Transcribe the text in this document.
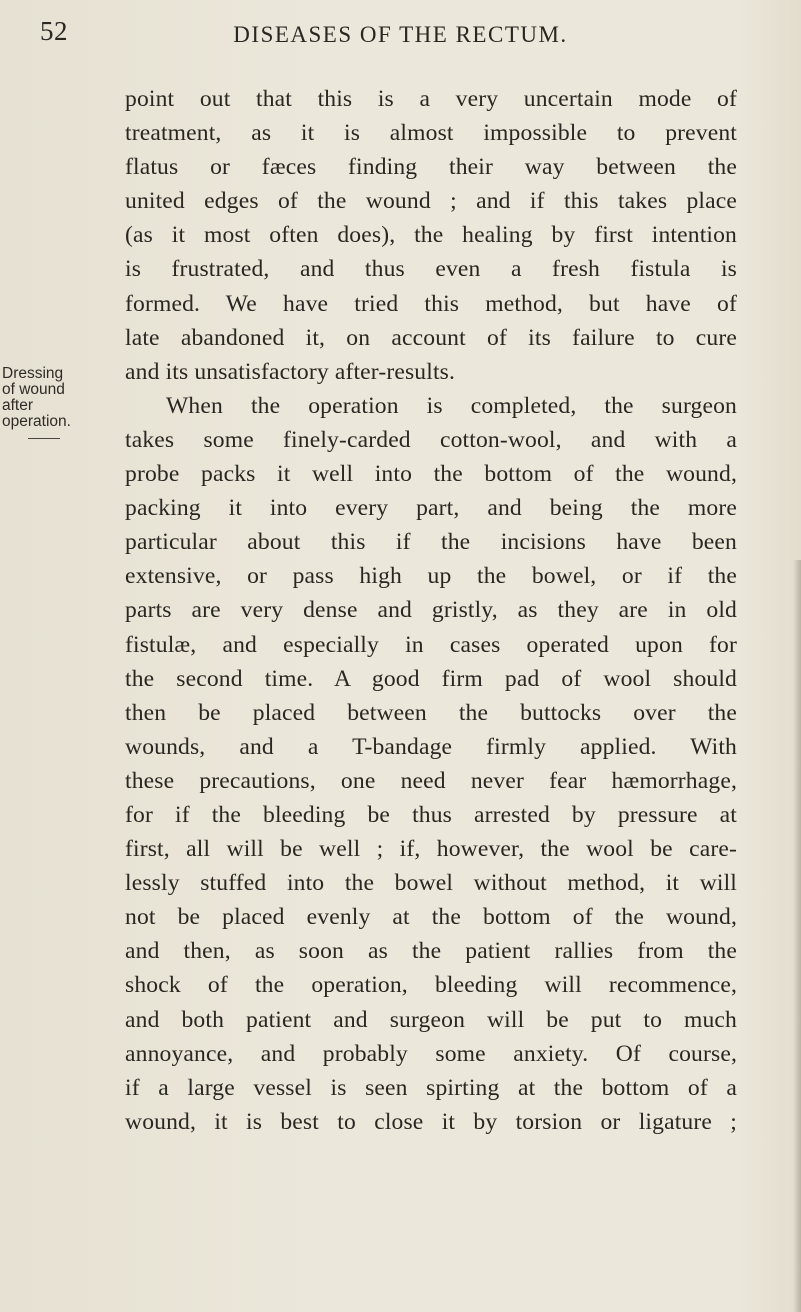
52	DISEASES OF THE RECTUM.
Dressing
of wound
after
operation.
point out that this is a very uncertain mode of
treatment, as it is almost impossible to prevent
flatus or fæces finding their way between the
united edges of the wound ; and if this takes place
(as it most often does), the healing by first intention
is frustrated, and thus even a fresh fistula is
formed. We have tried this method, but have of
late abandoned it, on account of its failure to cure
and its unsatisfactory after-results.
When the operation is completed, the surgeon
takes some finely-carded cotton-wool, and with a
probe packs it well into the bottom of the wound,
packing it into every part, and being the more
particular about this if the incisions have been
extensive, or pass high up the bowel, or if the
parts are very dense and gristly, as they are in old
fistulæ, and especially in cases operated upon for
the second time. A good firm pad of wool should
then be placed between the buttocks over the
wounds, and a T-bandage firmly applied. With
these precautions, one need never fear hæmorrhage,
for if the bleeding be thus arrested by pressure at
first, all will be well ; if, however, the wool be care-
lessly stuffed into the bowel without method, it will
not be placed evenly at the bottom of the wound,
and then, as soon as the patient rallies from the
shock of the operation, bleeding will recommence,
and both patient and surgeon will be put to much
annoyance, and probably some anxiety. Of course,
if a large vessel is seen spirting at the bottom of a
wound, it is best to close it by torsion or ligature ;
